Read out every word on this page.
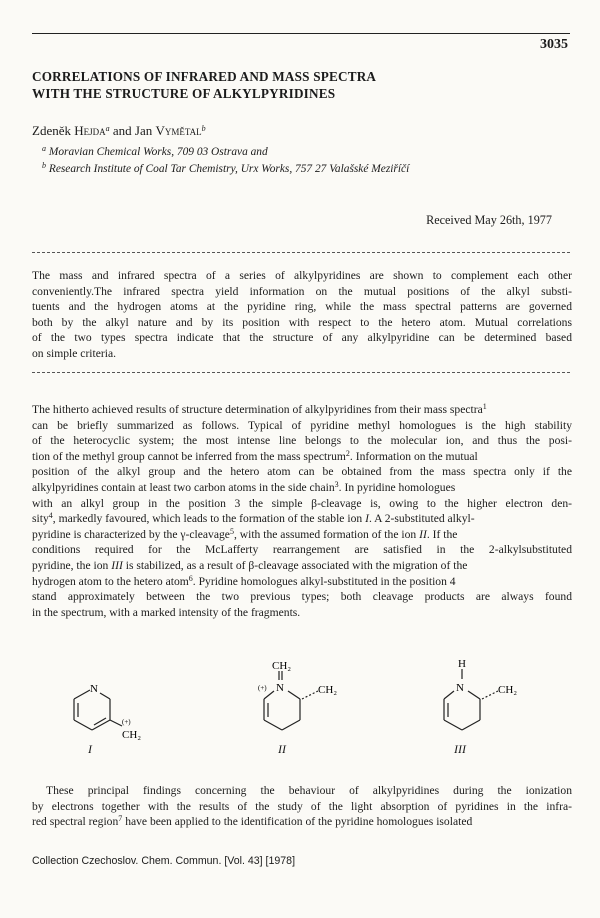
3035
CORRELATIONS OF INFRARED AND MASS SPECTRA
WITH THE STRUCTURE OF ALKYLPYRIDINES
Zdeněk Hejda$^a$ and Jan Vymětal$^b$
$^a$ Moravian Chemical Works, 709 03 Ostrava and
$^b$ Research Institute of Coal Tar Chemistry, Urx Works, 757 27 Valašské Meziříčí
Received May 26th, 1977
The mass and infrared spectra of a series of alkylpyridines are shown to complement each other
conveniently.The infrared spectra yield information on the mutual positions of the alkyl substi-
tuents and the hydrogen atoms at the pyridine ring, while the mass spectral patterns are governed
both by the alkyl nature and by its position with respect to the hetero atom. Mutual correlations
of the two types spectra indicate that the structure of any alkylpyridine can be determined based
on simple criteria.
The hitherto achieved results of structure determination of alkylpyridines from their mass spectra$^1$
can be briefly summarized as follows. Typical of pyridine methyl homologues is the high stability
of the heterocyclic system; the most intense line belongs to the molecular ion, and thus the posi-
tion of the methyl group cannot be inferred from the mass spectrum$^2$. Information on the mutual
position of the alkyl group and the hetero atom can be obtained from the mass spectra only if the
alkylpyridines contain at least two carbon atoms in the side chain$^3$. In pyridine homologues
with an alkyl group in the position 3 the simple β-cleavage is, owing to the higher electron den-
sity$^4$, markedly favoured, which leads to the formation of the stable ion I. A 2-substituted alkyl-
pyridine is characterized by the γ-cleavage$^5$, with the assumed formation of the ion II. If the
conditions required for the McLafferty rearrangement are satisfied in the 2-alkylsubstituted
pyridine, the ion III is stabilized, as a result of β-cleavage associated with the migration of the
hydrogen atom to the hetero atom$^6$. Pyridine homologues alkyl-substituted in the position 4
stand approximately between the two previous types; both cleavage products are always found
in the spectrum, with a marked intensity of the fragments.
N
(+)
CH₂
I
CH₂
(+) N	CH₂
II
H
N	CH₂
III
These principal findings concerning the behaviour of alkylpyridines during the ionization
by electrons together with the results of the study of the light absorption of pyridines in the infra-
red spectral region$^7$ have been applied to the identification of the pyridine homologues isolated
Collection Czechoslov. Chem. Commun. [Vol. 43] [1978]
